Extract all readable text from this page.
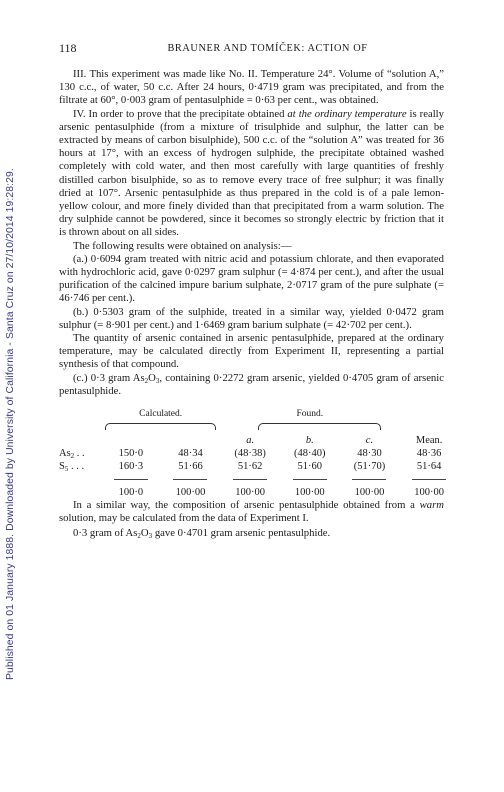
Published on 01 January 1888. Downloaded by University of California - Santa Cruz on 27/10/2014 19:28:29.
118	BRAUNER AND TOMÍČEK: ACTION OF

III. This experiment was made like No. II. Temperature 24°. Volume of “solution A,” 130 c.c., of water, 50 c.c. After 24 hours, 0·4719 gram was precipitated, and from the filtrate at 60°, 0·003 gram of pentasulphide = 0·63 per cent., was obtained.

IV. In order to prove that the precipitate obtained at the ordinary temperature is really arsenic pentasulphide (from a mixture of trisulphide and sulphur, the latter can be extracted by means of carbon bisulphide), 500 c.c. of the “solution A” was treated for 36 hours at 17°, with an excess of hydrogen sulphide, the precipitate obtained washed completely with cold water, and then most carefully with large quantities of freshly distilled carbon bisulphide, so as to remove every trace of free sulphur; it was finally dried at 107°. Arsenic pentasulphide as thus prepared in the cold is of a pale lemon-yellow colour, and more finely divided than that precipitated from a warm solution. The dry sulphide cannot be powdered, since it becomes so strongly electric by friction that it is thrown about on all sides.

The following results were obtained on analysis:—

(a.) 0·6094 gram treated with nitric acid and potassium chlorate, and then evaporated with hydrochloric acid, gave 0·0297 gram sulphur (= 4·874 per cent.), and after the usual purification of the calcined impure barium sulphate, 2·0717 gram of the pure sulphate (= 46·746 per cent.).

(b.) 0·5303 gram of the sulphide, treated in a similar way, yielded 0·0472 gram sulphur (= 8·901 per cent.) and 1·6469 gram barium sulphate (= 42·702 per cent.).

The quantity of arsenic contained in arsenic pentasulphide, prepared at the ordinary temperature, may be calculated directly from Experiment II, representing a partial synthesis of that compound.

(c.) 0·3 gram $As_2O_3$, containing 0·2272 gram arsenic, yielded 0·4705 gram of arsenic pentasulphide.

	Calculated.			Found.		

			a.	b.	c.	Mean.
$As_2$ . .	150·0	48·34	(48·38)	(48·40)	48·30	48·36
$S_5$ . . .	160·3	51·66	51·62	51·60	(51·70)	51·64

	100·0	100·00	100·00	100·00	100·00	100·00

In a similar way, the composition of arsenic pentasulphide obtained from a warm solution, may be calculated from the data of Experiment I.

0·3 gram of $As_2O_3$ gave 0·4701 gram arsenic pentasulphide.
